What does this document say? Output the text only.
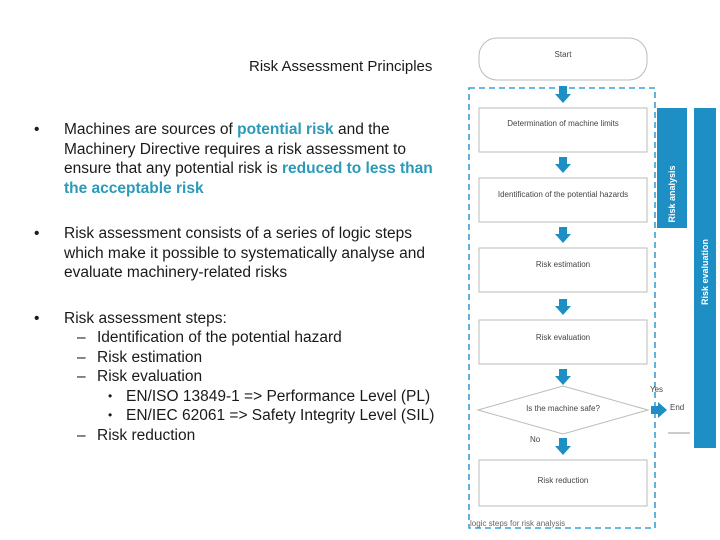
Risk Assessment Principles
•	Machines are sources of potential risk and the Machinery Directive requires a risk assessment to ensure that any potential risk is reduced to less than the acceptable risk
•	Risk assessment consists of a series of logic steps which make it possible to systematically analyse and evaluate machinery-related risks
•	Risk assessment steps:
– Identification of the potential hazard
– Risk estimation
– Risk evaluation
• EN/ISO 13849-1 => Performance Level (PL)
• EN/IEC 62061 => Safety Integrity Level (SIL)
– Risk reduction
Start
Determination of machine limits
Identification of the potential hazards
Risk estimation
Risk evaluation
Is the machine safe?
Yes
No
End
Risk reduction
Risk analysis
Risk evaluation
logic steps for risk analysis
